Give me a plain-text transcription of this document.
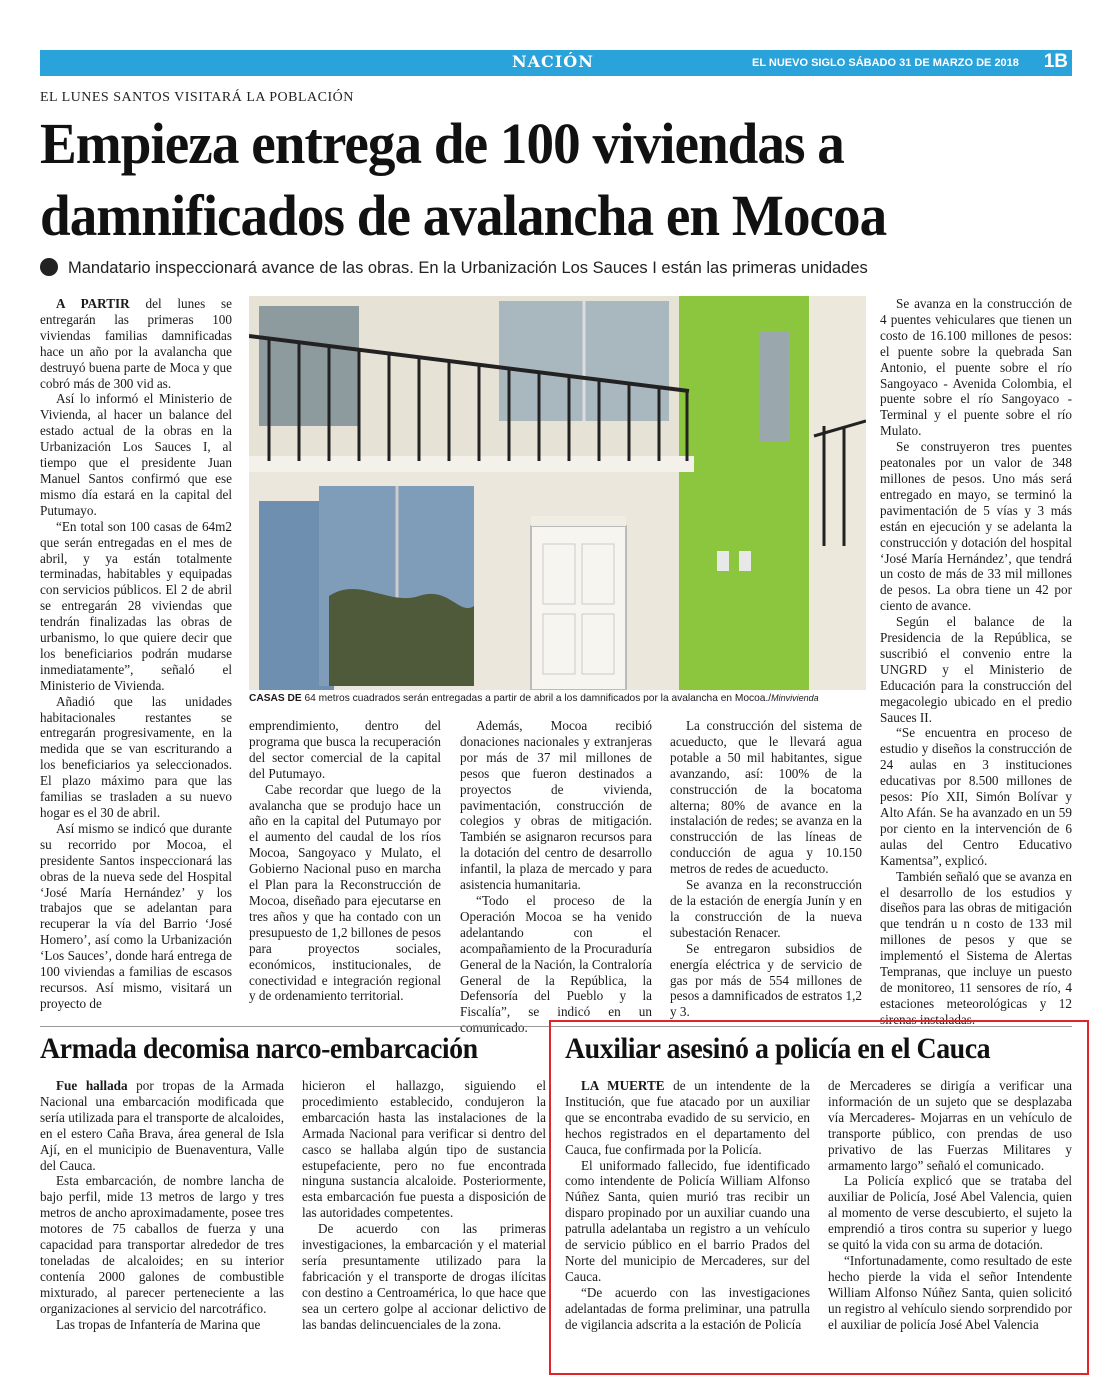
NACIÓN	EL NUEVO SIGLO SÁBADO 31 DE MARZO DE 2018 1B
EL LUNES SANTOS VISITARÁ LA POBLACIÓN
Empieza entrega de 100 viviendas a
damnificados de avalancha en Mocoa
Mandatario inspeccionará avance de las obras. En la Urbanización Los Sauces I están las primeras unidades

A PARTIR del lunes se entregarán las primeras 100 viviendas familias damnificadas hace un año por la avalancha que destruyó buena parte de Moca y que cobró más de 300 vid as.

Así lo informó el Ministerio de Vivienda, al hacer un balance del estado actual de la obras en la Urbanización Los Sauces I, al tiempo que el presidente Juan Manuel Santos confirmó que ese mismo día estará en la capital del Putumayo.

“En total son 100 casas de 64m2 que serán entregadas en el mes de abril, y ya están totalmente terminadas, habitables y equipadas con servicios públicos. El 2 de abril se entregarán 28 viviendas que tendrán finalizadas las obras de urbanismo, lo que quiere decir que los beneficiarios podrán mudarse inmediatamente”, señaló el Ministerio de Vivienda.

Añadió que las unidades habitacionales restantes se entregarán progresivamente, en la medida que se van escriturando a los beneficiarios ya seleccionados. El plazo máximo para que las familias se trasladen a su nuevo hogar es el 30 de abril.

Así mismo se indicó que durante su recorrido por Mocoa, el presidente Santos inspeccionará las obras de la nueva sede del Hospital ‘José María Hernández’ y los trabajos que se adelantan para recuperar la vía del Barrio ‘José Homero’, así como la Urbanización ‘Los Sauces’, donde hará entrega de 100 viviendas a familias de escasos recursos. Así mismo, visitará un proyecto de

CASAS DE 64 metros cuadrados serán entregadas a partir de abril a los damnificados por la avalancha en Mocoa./Minvivienda

emprendimiento, dentro del programa que busca la recuperación del sector comercial de la capital del Putumayo.

Cabe recordar que luego de la avalancha que se produjo hace un año en la capital del Putumayo por el aumento del caudal de los ríos Mocoa, Sangoyaco y Mulato, el Gobierno Nacional puso en marcha el Plan para la Reconstrucción de Mocoa, diseñado para ejecutarse en tres años y que ha contado con un presupuesto de 1,2 billones de pesos para proyectos sociales, económicos, institucionales, de conectividad e integración regional y de ordenamiento territorial.

Además, Mocoa recibió donaciones nacionales y extranjeras por más de 37 mil millones de pesos que fueron destinados a proyectos de vivienda, pavimentación, construcción de colegios y obras de mitigación. También se asignaron recursos para la dotación del centro de desarrollo infantil, la plaza de mercado y para asistencia humanitaria.

“Todo el proceso de la Operación Mocoa se ha venido adelantando con el acompañamiento de la Procuraduría General de la Nación, la Contraloría General de la República, la Defensoría del Pueblo y la Fiscalía”, se indicó en un comunicado.

La construcción del sistema de acueducto, que le llevará agua potable a 50 mil habitantes, sigue avanzando, así: 100% de la construcción de la bocatoma alterna; 80% de avance en la instalación de redes; se avanza en la construcción de las líneas de conducción de agua y 10.150 metros de redes de acueducto.

Se avanza en la reconstrucción de la estación de energía Junín y en la construcción de la nueva subestación Renacer.

Se entregaron subsidios de energía eléctrica y de servicio de gas por más de 554 millones de pesos a damnificados de estratos 1,2 y 3.

Se avanza en la construcción de 4 puentes vehiculares que tienen un costo de 16.100 millones de pesos: el puente sobre la quebrada San Antonio, el puente sobre el río Sangoyaco - Avenida Colombia, el puente sobre el río Sangoyaco - Terminal y el puente sobre el río Mulato.

Se construyeron tres puentes peatonales por un valor de 348 millones de pesos. Uno más será entregado en mayo, se terminó la pavimentación de 5 vías y 3 más están en ejecución y se adelanta la construcción y dotación del hospital ‘José María Hernández’, que tendrá un costo de más de 33 mil millones de pesos. La obra tiene un 42 por ciento de avance.

Según el balance de la Presidencia de la República, se suscribió el convenio entre la UNGRD y el Ministerio de Educación para la construcción del megacolegio ubicado en el predio Sauces II.

“Se encuentra en proceso de estudio y diseños la construcción de 24 aulas en 3 instituciones educativas por 8.500 millones de pesos: Pío XII, Simón Bolívar y Alto Afán. Se ha avanzado en un 59 por ciento en la intervención de 6 aulas del Centro Educativo Kamentsa”, explicó.

También señaló que se avanza en el desarrollo de los estudios y diseños para las obras de mitigación que tendrán u n costo de 133 mil millones de pesos y que se implementó el Sistema de Alertas Tempranas, que incluye un puesto de monitoreo, 11 sensores de río, 4 estaciones meteorológicas y 12 sirenas instaladas.

Armada decomisa narco-embarcación

Fue hallada por tropas de la Armada Nacional una embarcación modificada que sería utilizada para el transporte de alcaloides, en el estero Caña Brava, área general de Isla Ají, en el municipio de Buenaventura, Valle del Cauca.

Esta embarcación, de nombre lancha de bajo perfil, mide 13 metros de largo y tres metros de ancho aproximadamente, posee tres motores de 75 caballos de fuerza y una capacidad para transportar alrededor de tres toneladas de alcaloides; en su interior contenía 2000 galones de combustible mixturado, al parecer perteneciente a las organizaciones al servicio del narcotráfico.

Las tropas de Infantería de Marina que

hicieron el hallazgo, siguiendo el procedimiento establecido, condujeron la embarcación hasta las instalaciones de la Armada Nacional para verificar si dentro del casco se hallaba algún tipo de sustancia estupefaciente, pero no fue encontrada ninguna sustancia alcaloide. Posteriormente, esta embarcación fue puesta a disposición de las autoridades competentes.

De acuerdo con las primeras investigaciones, la embarcación y el material sería presuntamente utilizado para la fabricación y el transporte de drogas ilícitas con destino a Centroamérica, lo que hace que sea un certero golpe al accionar delictivo de las bandas delincuenciales de la zona.

Auxiliar asesinó a policía en el Cauca

LA MUERTE de un intendente de la Institución, que fue atacado por un auxiliar que se encontraba evadido de su servicio, en hechos registrados en el departamento del Cauca, fue confirmada por la Policía.

El uniformado fallecido, fue identificado como intendente de Policía William Alfonso Núñez Santa, quien murió tras recibir un disparo propinado por un auxiliar cuando una patrulla adelantaba un registro a un vehículo de servicio público en el barrio Prados del Norte del municipio de Mercaderes, sur del Cauca.

“De acuerdo con las investigaciones adelantadas de forma preliminar, una patrulla de vigilancia adscrita a la estación de Policía

de Mercaderes se dirigía a verificar una información de un sujeto que se desplazaba vía Mercaderes- Mojarras en un vehículo de transporte público, con prendas de uso privativo de las Fuerzas Militares y armamento largo” señaló el comunicado.

La Policía explicó que se trataba del auxiliar de Policía, José Abel Valencia, quien al momento de verse descubierto, el sujeto la emprendió a tiros contra su superior y luego se quitó la vida con su arma de dotación.

“Infortunadamente, como resultado de este hecho pierde la vida el señor Intendente William Alfonso Núñez Santa, quien solicitó un registro al vehículo siendo sorprendido por el auxiliar de policía José Abel Valencia
